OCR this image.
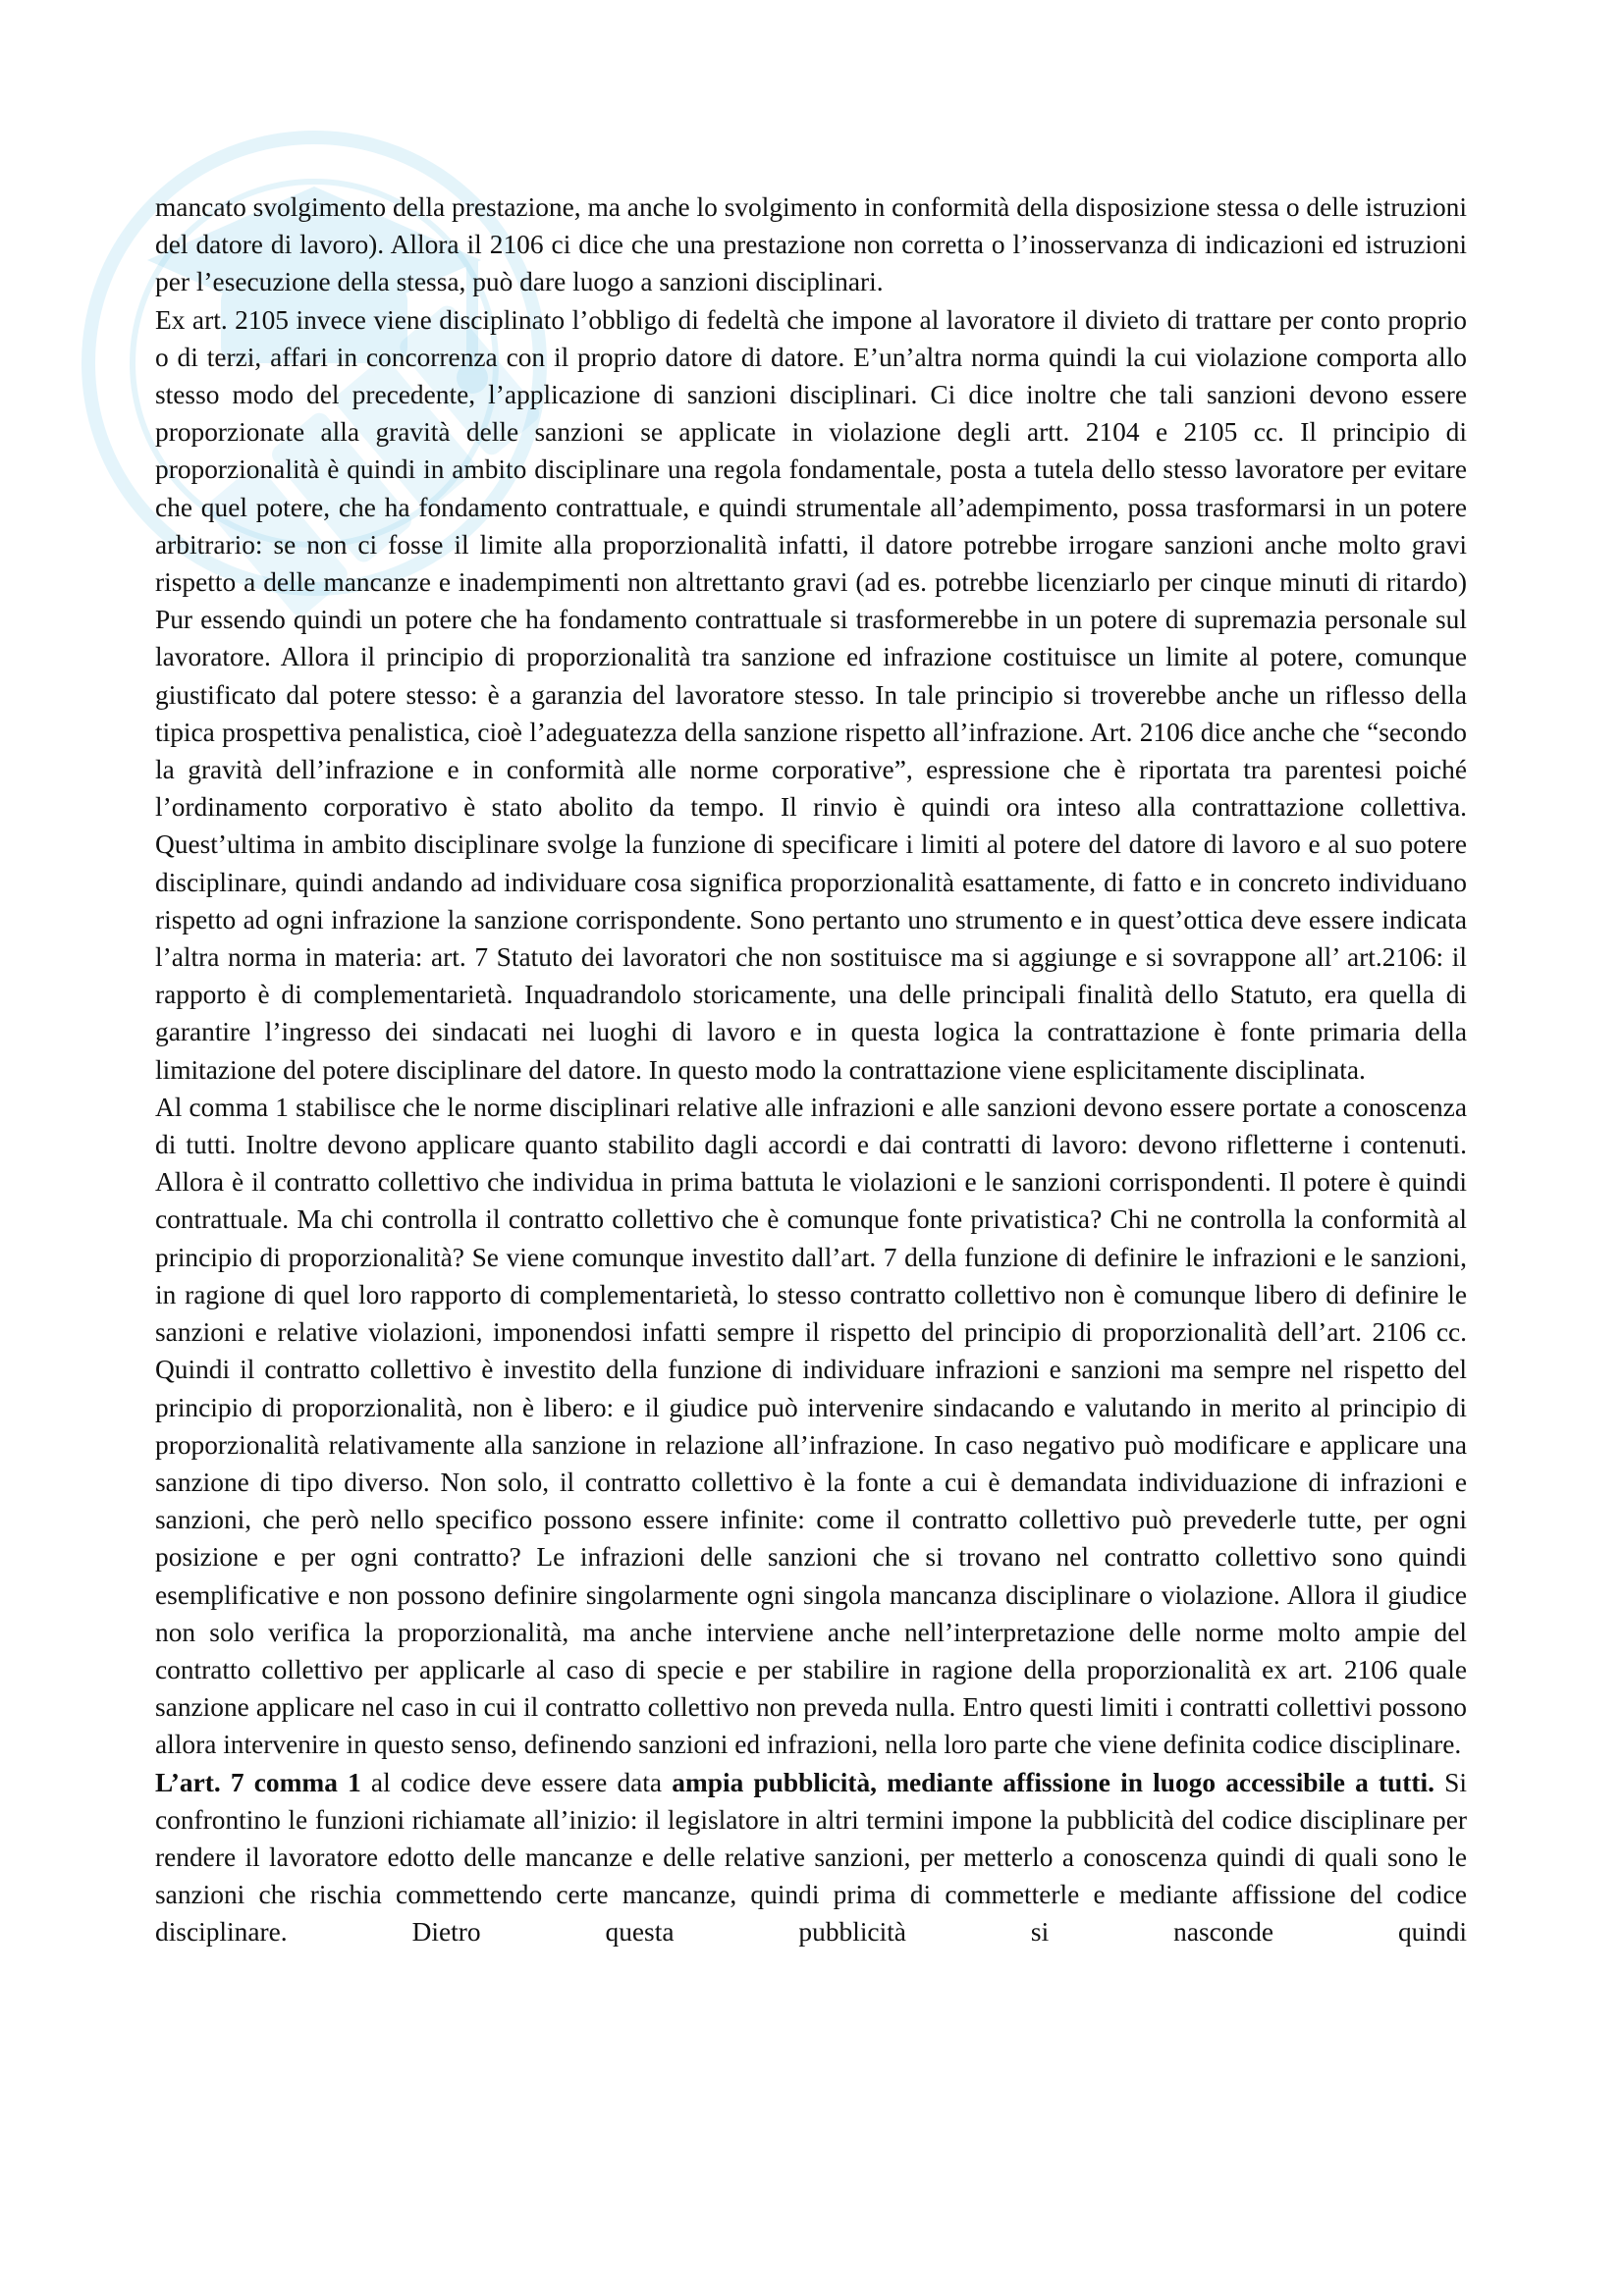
mancato svolgimento della prestazione, ma anche lo svolgimento in conformità della disposizione stessa o delle istruzioni del datore di lavoro). Allora il 2106 ci dice che una prestazione non corretta o l’inosservanza di indicazioni ed istruzioni per l’esecuzione della stessa, può dare luogo a sanzioni disciplinari.

Ex art. 2105 invece viene disciplinato l’obbligo di fedeltà che impone al lavoratore il divieto di trattare per conto proprio o di terzi, affari in concorrenza con il proprio datore di datore. E’un’altra norma quindi la cui violazione comporta allo stesso modo del precedente, l’applicazione di sanzioni disciplinari. Ci dice inoltre che tali sanzioni devono essere proporzionate alla gravità delle sanzioni se applicate in violazione degli artt. 2104 e 2105 cc. Il principio di proporzionalità è quindi in ambito disciplinare una regola fondamentale, posta a tutela dello stesso lavoratore per evitare che quel potere, che ha fondamento contrattuale, e quindi strumentale all’adempimento, possa trasformarsi in un potere arbitrario: se non ci fosse il limite alla proporzionalità infatti, il datore potrebbe irrogare sanzioni anche molto gravi rispetto a delle mancanze e inadempimenti non altrettanto gravi (ad es. potrebbe licenziarlo per cinque minuti di ritardo) Pur essendo quindi un potere che ha fondamento contrattuale si trasformerebbe in un potere di supremazia personale sul lavoratore. Allora il principio di proporzionalità tra sanzione ed infrazione costituisce un limite al potere, comunque giustificato dal potere stesso: è a garanzia del lavoratore stesso. In tale principio si troverebbe anche un riflesso della tipica prospettiva penalistica, cioè l’adeguatezza della sanzione rispetto all’infrazione. Art. 2106 dice anche che “secondo la gravità dell’infrazione e in conformità alle norme corporative”, espressione che è riportata tra parentesi poiché l’ordinamento corporativo è stato abolito da tempo. Il rinvio è quindi ora inteso alla contrattazione collettiva. Quest’ultima in ambito disciplinare svolge la funzione di specificare i limiti al potere del datore di lavoro e al suo potere disciplinare, quindi andando ad individuare cosa significa proporzionalità esattamente, di fatto e in concreto individuano rispetto ad ogni infrazione la sanzione corrispondente. Sono pertanto uno strumento e in quest’ottica deve essere indicata l’altra norma in materia: art. 7 Statuto dei lavoratori che non sostituisce ma si aggiunge e si sovrappone all’ art.2106: il rapporto è di complementarietà. Inquadrandolo storicamente, una delle principali finalità dello Statuto, era quella di garantire l’ingresso dei sindacati nei luoghi di lavoro e in questa logica la contrattazione è fonte primaria della limitazione del potere disciplinare del datore. In questo modo la contrattazione viene esplicitamente disciplinata.

Al comma 1 stabilisce che le norme disciplinari relative alle infrazioni e alle sanzioni devono essere portate a conoscenza di tutti. Inoltre devono applicare quanto stabilito dagli accordi e dai contratti di lavoro: devono rifletterne i contenuti. Allora è il contratto collettivo che individua in prima battuta le violazioni e le sanzioni corrispondenti. Il potere è quindi contrattuale. Ma chi controlla il contratto collettivo che è comunque fonte privatistica? Chi ne controlla la conformità al principio di proporzionalità? Se viene comunque investito dall’art. 7 della funzione di definire le infrazioni e le sanzioni, in ragione di quel loro rapporto di complementarietà, lo stesso contratto collettivo non è comunque libero di definire le sanzioni e relative violazioni, imponendosi infatti sempre il rispetto del principio di proporzionalità dell’art. 2106 cc. Quindi il contratto collettivo è investito della funzione di individuare infrazioni e sanzioni ma sempre nel rispetto del principio di proporzionalità, non è libero: e il giudice può intervenire sindacando e valutando in merito al principio di proporzionalità relativamente alla sanzione in relazione all’infrazione. In caso negativo può modificare e applicare una sanzione di tipo diverso. Non solo, il contratto collettivo è la fonte a cui è demandata individuazione di infrazioni e sanzioni, che però nello specifico possono essere infinite: come il contratto collettivo può prevederle tutte, per ogni posizione e per ogni contratto? Le infrazioni delle sanzioni che si trovano nel contratto collettivo sono quindi esemplificative e non possono definire singolarmente ogni singola mancanza disciplinare o violazione. Allora il giudice non solo verifica la proporzionalità, ma anche interviene anche nell’interpretazione delle norme molto ampie del contratto collettivo per applicarle al caso di specie e per stabilire in ragione della proporzionalità ex art. 2106 quale sanzione applicare nel caso in cui il contratto collettivo non preveda nulla. Entro questi limiti i contratti collettivi possono allora intervenire in questo senso, definendo sanzioni ed infrazioni, nella loro parte che viene definita codice disciplinare.

L’art. 7 comma 1 al codice deve essere data ampia pubblicità, mediante affissione in luogo accessibile a tutti. Si confrontino le funzioni richiamate all’inizio: il legislatore in altri termini impone la pubblicità del codice disciplinare per rendere il lavoratore edotto delle mancanze e delle relative sanzioni, per metterlo a conoscenza quindi di quali sono le sanzioni che rischia commettendo certe mancanze, quindi prima di commetterle e mediante affissione del codice disciplinare. Dietro questa pubblicità si nasconde quindi
